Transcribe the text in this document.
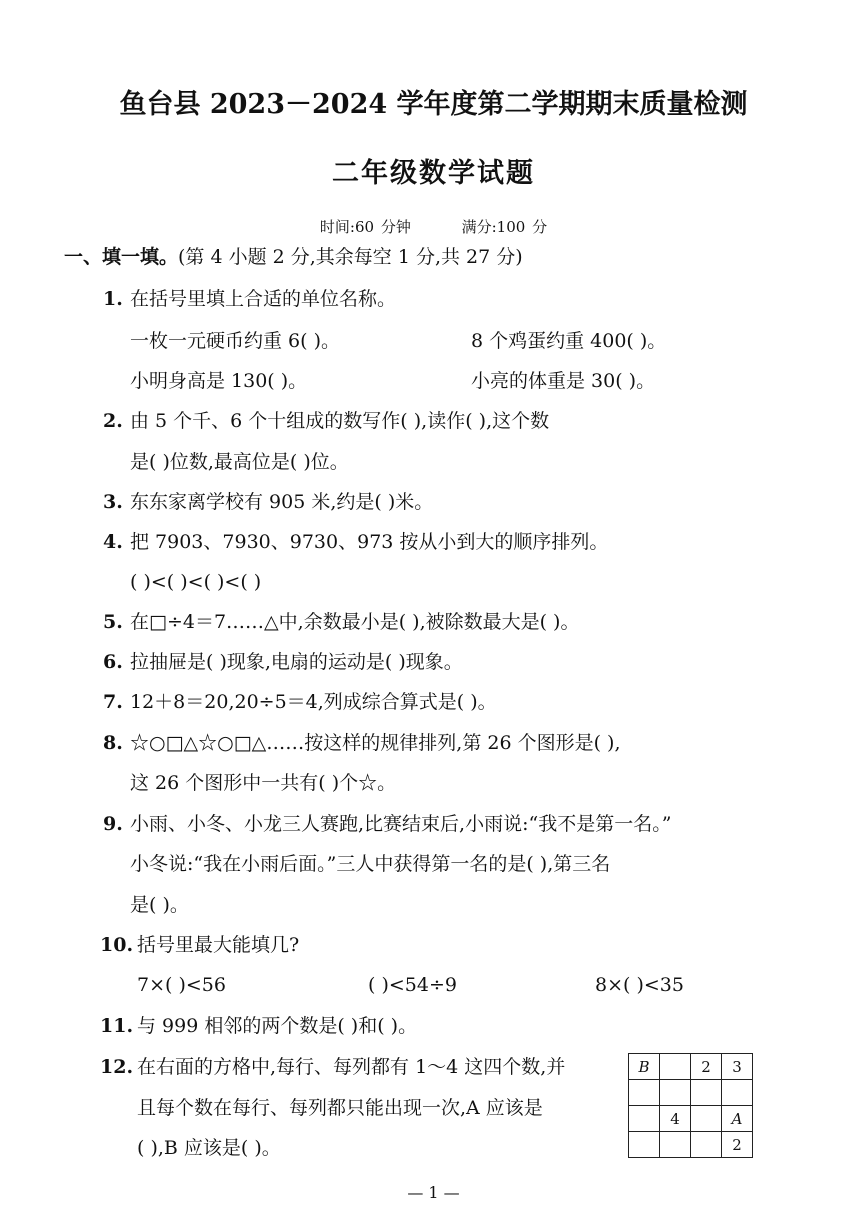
鱼台县 2023－2024 学年度第二学期期末质量检测
二年级数学试题
时间:60 分钟	满分:100 分
一、填一填。(第 4 小题 2 分,其余每空 1 分,共 27 分)
1. 在括号里填上合适的单位名称。
一枚一元硬币约重 6( )。	8 个鸡蛋约重 400( )。
小明身高是 130( )。	小亮的体重是 30( )。
2. 由 5 个千、6 个十组成的数写作( ),读作( ),这个数
是( )位数,最高位是( )位。
3. 东东家离学校有 905 米,约是( )米。
4. 把 7903、7930、9730、973 按从小到大的顺序排列。
( )<( )<( )<( )
5. 在□÷4＝7……△中,余数最小是( ),被除数最大是( )。
6. 拉抽屉是( )现象,电扇的运动是( )现象。
7. 12＋8＝20,20÷5＝4,列成综合算式是( )。
8. ☆○□△☆○□△……按这样的规律排列,第 26 个图形是( ),
这 26 个图形中一共有( )个☆。
9. 小雨、小冬、小龙三人赛跑,比赛结束后,小雨说:“我不是第一名。”
小冬说:“我在小雨后面。”三人中获得第一名的是( ),第三名
是( )。
10. 括号里最大能填几?
7×( )<56	( )<54÷9	8×( )<35
11. 与 999 相邻的两个数是( )和( )。
12. 在右面的方格中,每行、每列都有 1～4 这四个数,并
且每个数在每行、每列都只能出现一次,A 应该是
( ),B 应该是( )。
B		2	3

	4		A
			2
— 1 —
